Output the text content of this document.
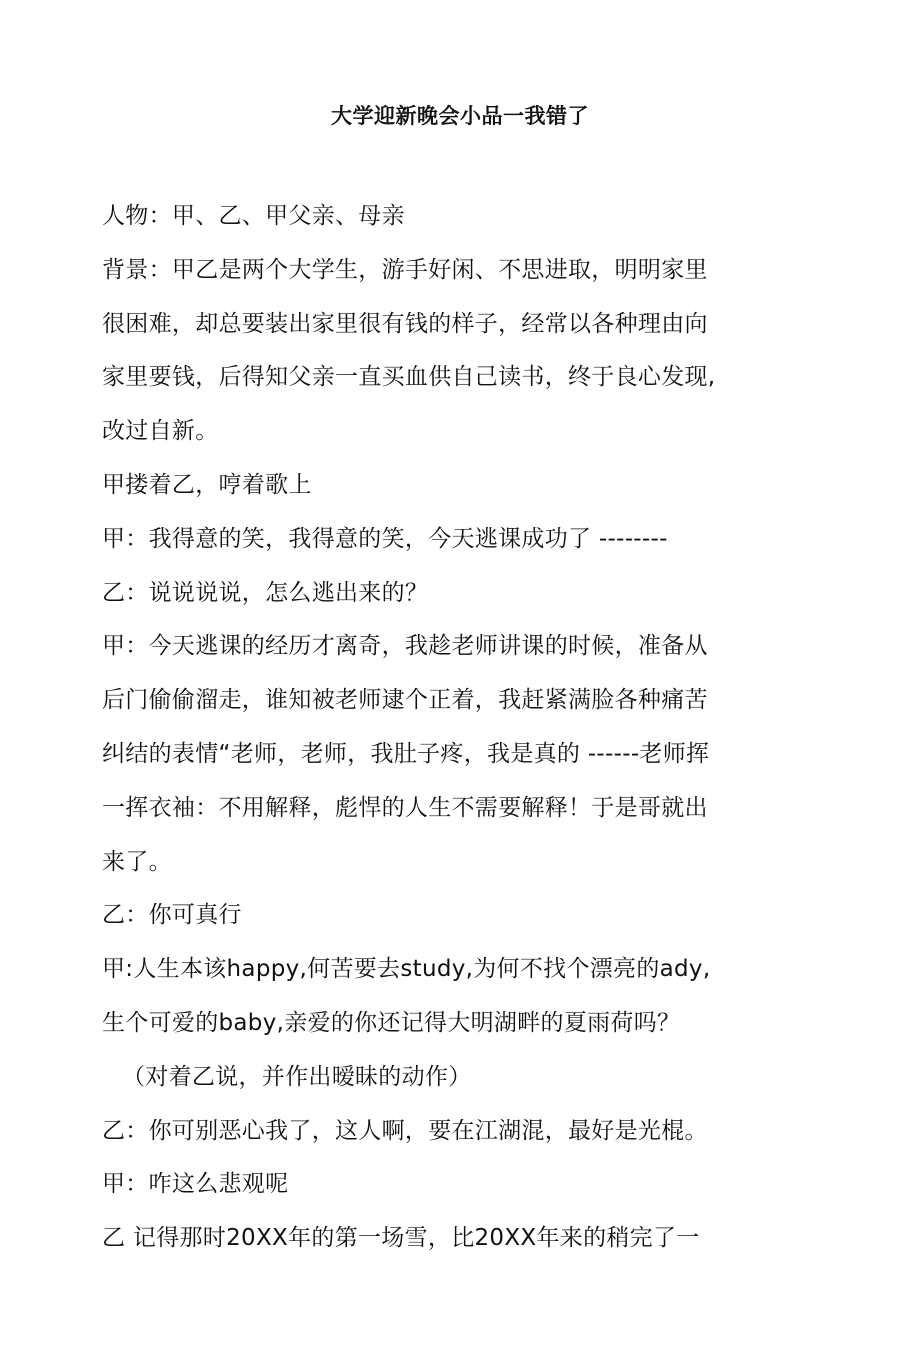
大学迎新晚会小品一我错了
人物：甲、乙、甲父亲、母亲
背景：甲乙是两个大学生，游手好闲、不思进取，明明家里
很困难，却总要装出家里很有钱的样子，经常以各种理由向
家里要钱，后得知父亲一直买血供自己读书，终于良心发现,
改过自新。
甲搂着乙，哼着歌上
甲：我得意的笑，我得意的笑，今天逃课成功了 --------
乙：说说说说，怎么逃出来的？
甲：今天逃课的经历才离奇，我趁老师讲课的时候，准备从
后门偷偷溜走，谁知被老师逮个正着，我赶紧满脸各种痛苦
纠结的表情“老师，老师，我肚子疼，我是真的 ------老师挥
一挥衣袖：不用解释，彪悍的人生不需要解释！于是哥就出
来了。
乙：你可真行
甲:人生本该happy,何苦要去study,为何不找个漂亮的ady,
生个可爱的baby,亲爱的你还记得大明湖畔的夏雨荷吗？
（对着乙说，并作出暧昧的动作）
乙：你可别恶心我了，这人啊，要在江湖混，最好是光棍。
甲：咋这么悲观呢
乙 记得那时20XX年的第一场雪，比20XX年来的稍完了一
